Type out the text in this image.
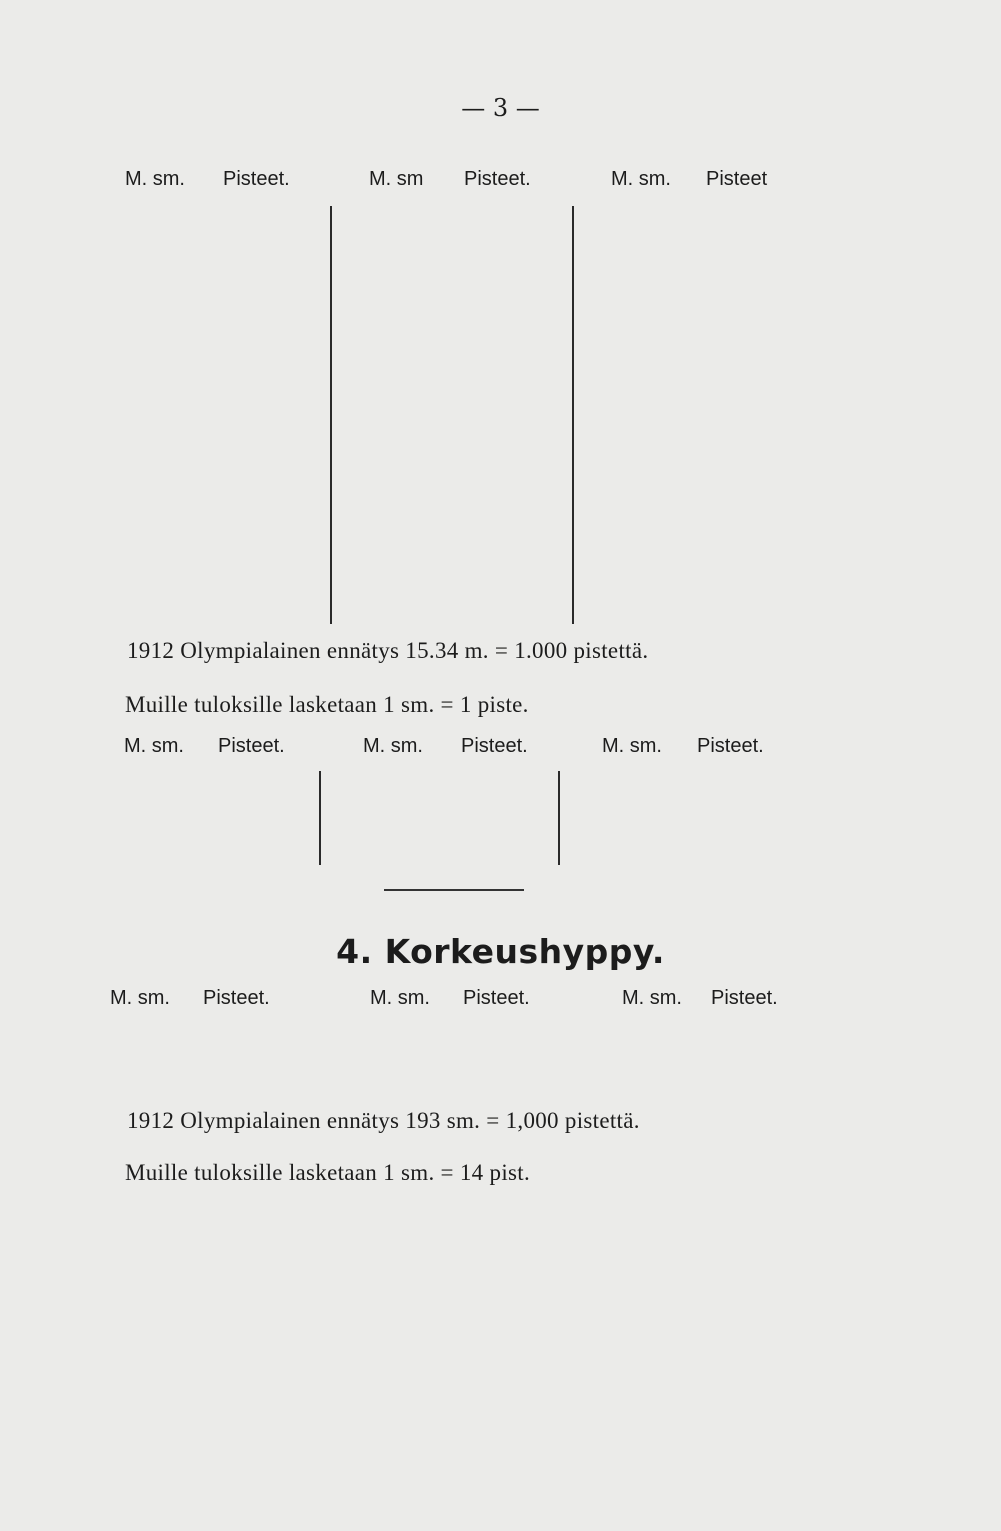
— 3 —
1912 Olympialainen ennätys 15.34 m. = 1.000 pistettä.
Muille tuloksille lasketaan 1 sm. = 1 piste.
4. Korkeushyppy.
1912 Olympialainen ennätys 193 sm. = 1,000 pistettä.
Muille tuloksille lasketaan 1 sm. = 14 pist.
M. sm. Pisteet.	M. sm Pisteet.	M. sm. Pisteet
M. sm. Pisteet.	M. sm. Pisteet.	M. sm. Pisteet.
M. sm. Pisteet.	M. sm. Pisteet.	M. sm. Pisteet.
